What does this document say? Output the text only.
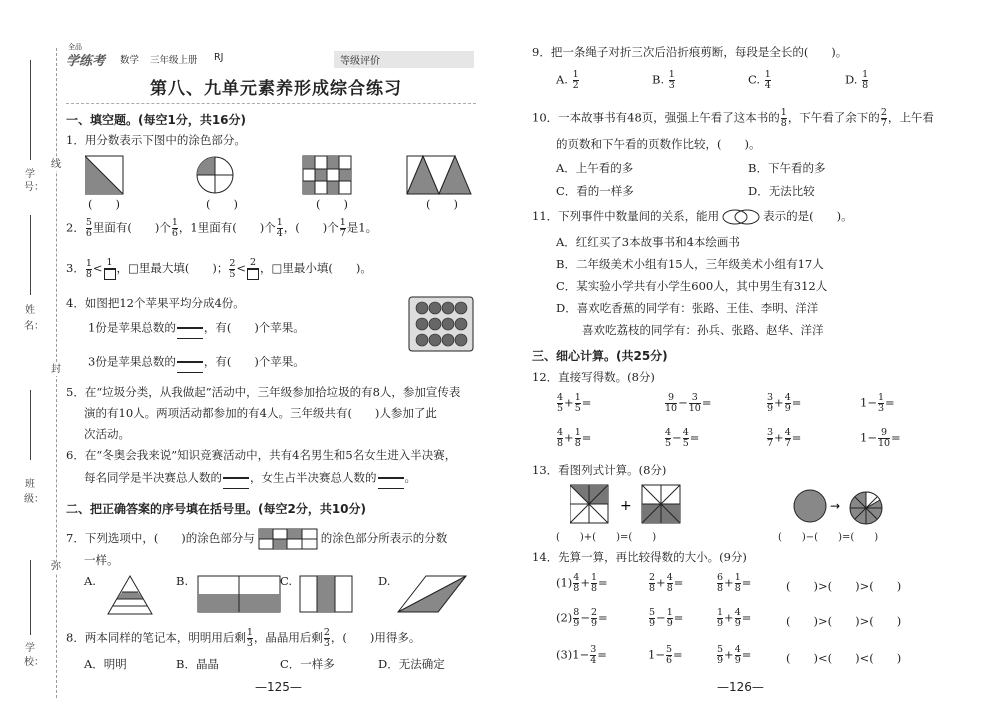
学
号：
线
姓
名：
封
班
级：
弥
学
校：
学练考
全品
数学 三年级上册 RJ	等级评价
第八、九单元素养形成综合练习
一、填空题。(每空1分，共16分)
1．用分数表示下图中的涂色部分。
(　　)	(　　)	(　　)	(　　)
2． $\frac{5}{6}$ 里面有(　　)个 $\frac{1}{6}$ ，1里面有(　　)个 $\frac{1}{4}$ ，(　　)个 $\frac{1}{7}$ 是1。
3． $\frac{1}{8} < 1$ ，□里最大填(　　)； $\frac{2}{5} < 2$ ，□里最小填(　　)。
4．如图把12个苹果平均分成4份。
1份是苹果总数的 ，有(　　)个苹果。
3份是苹果总数的 ，有(　　)个苹果。
5．在“垃圾分类，从我做起”活动中，三年级参加拾垃圾的有8人，参加宣传表
演的有10人。两项活动都参加的有4人。三年级共有(　　)人参加了此
次活动。
6．在“冬奥会我来说”知识竞赛活动中，共有4名男生和5名女生进入半决赛，
每名同学是半决赛总人数的 ，女生占半决赛总人数的 。
二、把正确答案的序号填在括号里。(每空2分，共10分)
7．下列选项中，(　　)的涂色部分与	的涂色部分所表示的分数
一样。
A.	B.	C.	D.
8．两本同样的笔记本，明明用后剩 $\frac{1}{3}$ ，晶晶用后剩 $\frac{2}{3}$ ，(　　)用得多。
A．明明	B．晶晶	C．一样多	D．无法确定
—125—
9．把一条绳子对折三次后沿折痕剪断，每段是全长的(　　)。
A. $\frac{1}{2}$	B. $\frac{1}{3}$	C. $\frac{1}{4}$	D. $\frac{1}{8}$
10．一本故事书有48页，强强上午看了这本书的 $\frac{1}{8}$ ，下午看了余下的 $\frac{2}{7}$ ，上午看
的页数和下午看的页数作比较，(　　)。
A．上午看的多	B．下午看的多
C．看的一样多	D．无法比较
11．下列事件中数量间的关系，能用	表示的是(　　)。
A．红红买了3本故事书和4本绘画书
B．二年级美术小组有15人，三年级美术小组有17人
C．某实验小学共有小学生600人，其中男生有312人
D．喜欢吃香蕉的同学有：张路、王佳、李明、洋洋
喜欢吃荔枝的同学有：孙兵、张路、赵华、洋洋
三、细心计算。(共25分)
12．直接写得数。(8分)
$\frac{4}{5} + \frac{1}{5}$ =	$\frac{9}{10} - \frac{3}{10}$ =	$\frac{3}{9} + \frac{4}{9}$ =	$1- \frac{1}{3}$ =
$\frac{4}{8} + \frac{1}{8}$ =	$\frac{4}{5} - \frac{4}{5}$ =	$\frac{3}{7} + \frac{4}{7}$ =	$1- \frac{9}{10}$ =
13．看图列式计算。(8分)
+	→
(　　)+(　　)=(　　)	(　　)−(　　)=(　　)
14．先算一算，再比较得数的大小。(9分)
$(1) \frac{4}{8} + \frac{1}{8}$ =	$\frac{2}{8} + \frac{4}{8}$ =	$\frac{6}{8} + \frac{1}{8}$ =	(　　)>(　　)>(　　)
$(2) \frac{8}{9} - \frac{2}{9}$ =	$\frac{5}{9} - \frac{1}{9}$ =	$\frac{1}{9} + \frac{4}{9}$ =	(　　)>(　　)>(　　)
$(3)1- \frac{3}{4}$ =	$1- \frac{5}{6}$ =	$\frac{5}{9} + \frac{4}{9}$ =	(　　)<(　　)<(　　)
—126—
